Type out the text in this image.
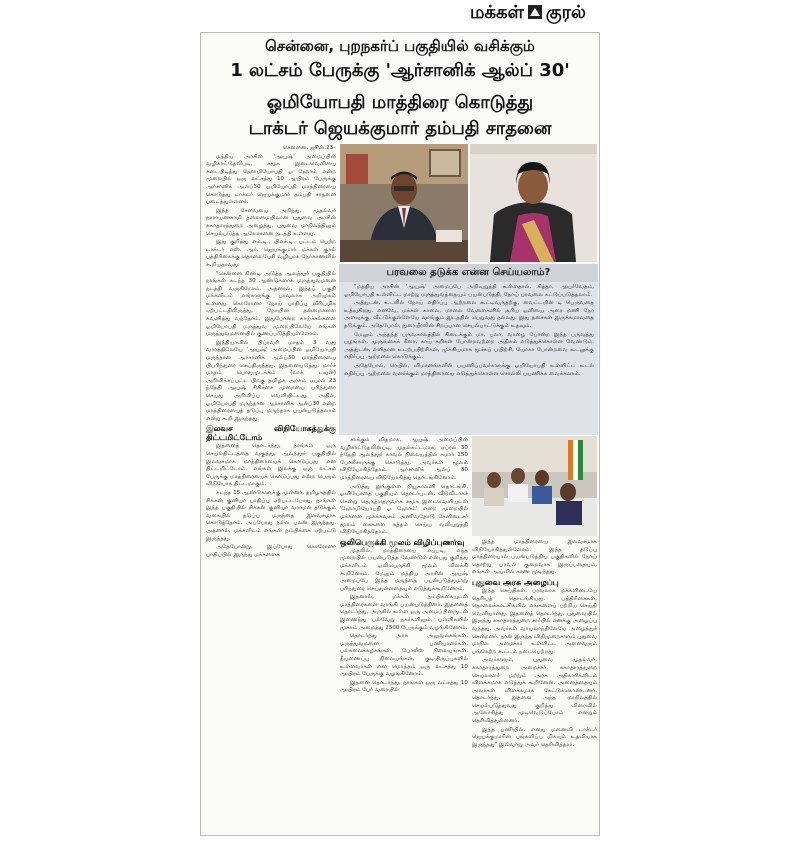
மக்கள் குரல்
சென்னை, புறநகர்ப் பகுதியில் வசிக்கும்
1 லட்சம் பேருக்கு 'ஆர்சானிக் ஆல்ப் 30'
ஓமியோபதி மாத்திரை கொடுத்து
டாக்டர் ஜெயக்குமார் தம்பதி சாதனை
பரவலை தடுக்க என்ன செய்யலாம்?

"மத்திய அரசின் 'ஆயுஷ்' அமைப்பே அறிவுறுத்தி உள்ளதால், சித்தா, ஆயுர்வேதம், ஓமியோபதி உள்ளிட்ட மாற்று மருத்துவத்தையும் பயன்படுத்தி, நோய் பரவலை கட்டுப்படுத்தலாம்.

அத்துடன், உடலில் நோய் எதிர்ப்பு ஆற்றலை கூட்டிவருதற்கு, வைட்டமின் டி பெருவதை உதவுகிறது. எனவே, மக்கள் காலை, மாலை வேளைகளில் சூரிய ஒளியை அரை மணி நேர அளவுக்கு, வீட்டுக்குள்ளேயே வாங்கும் இடத்தில் பெறுவது நல்லது. இது தசைகள் இருக்கமாவதை தடுக்கும். அதேபோல், நுரையீரலின் சிறப்பான செயல்பாட்டுக்கும் உதவும்.

மேலும் அந்தந்த பருவகாலத்தில் கிடைக்கும் மா, பலா, வாழை போன்ற இந்த பருவத்து பழங்கள், முருங்கைக் கீரை, காய் கறிகள் போன்றவற்றை அதிகம் எடுத்துக்கொள்ள வேண்டும். அத்துடன், எளிதான உடற்பயிற்சிகள், முக்கியமாக மூச்சுப் பயிற்சி, யோகா போன்றவை உடலுக்கு எதிர்ப்பு ஆற்றலை கொடுக்கும்.

அதேபோல், ரெயில், விமானங்களில் பயணிப்பவர்களுக்கு ஓமியோபதி உள்ளிட்ட உடல் எதிர்ப்பு ஆற்றலை வளர்க்கும் மாத்திரையை எடுத்துக்கொள்ள சொல்லி பயணிக்க வைக்கலாம்.

சென்னை, ஜூன்.23–

மத்திய அரசின் 'ஆயுஷ்' அமைப்பின் வழிகாட்டுதலிபடி, சமூக இடைவெளியை கடைபிடித்து ஹோமியோபதி ஓ ஹோம் என்ற முறையில் ஒரு லட்சத்து 10 ஆயிரம் பேருக்கு ஆர்சானிக் ஆல்ப்30 ஓமியோபதி மாத்திரையை கொடுத்து டாக்டர் ஜெயக்குமார் தம்பதி சாதனை படைத்துள்ளனர்.

இந்த சேவையை அறிந்து, முதல்வர் நாராயணசாமி தலைமையிலான புதுவை அரசின் சுகாதாரத்துறை அழைத்து, புதுவை மாநிலத்திலும் செயல்படுத்த ஆலோசனை நடத்தி உள்ளது.

இது குறித்து எம்.டி., பிஎச்.டி. பட்டம் பெற்ற டாக்டர் எஸ். ஆர். ஜெயக்குமார் மக்கள் குரல் பத்திரிகைக்கு தொலைபேசி வழியாக நேர்காணலில் கூறியதாவது:

"சென்னை கிண்டி அடுத்த ஆலந்தூர் பகுதியில் நாங்கள் கடந்த 30 ஆண்டுகளாக மருத்துவமனை நடத்தி வருகிறோம். அதனால், இந்தப் பகுதி மக்களிடம் எங்களுக்கு பரவலாக அறிமுகம் உள்ளது. கொரோனா நோய் பாதிப்பு வீரியமிக ஏற்பட்டதிலிருந்து, நோயின் தன்மைகளை கவனித்து வந்தோம். இதுபோன்ற காய்ச்சல்களை ஓமியோபதி மருத்துவ முறையிலேயே எங்கள் மருத்துவமனையில் குணப்படுத்தியுள்ளோம்.

இந்தியாவில் பிப்ரவரி மாதம் 3 வது வாரத்திலேயே 'ஆயுஷ்' அமைப்பின் ஓமியோபதி மருந்தான ஆர்சானிக் ஆல்ப்30 மாத்திரையை பிபரிந்துரை செய்திருந்தது. இதனையடுத்து, மார்ச் மாதம் பொதுமுடக்கம் (லாக் டவுன்) அறிவிக்கப்பட்ட பிறகு தமிழக அரசும் ஏப்ரல் 23 ந்தேதி ஆயுஷ் சிகிச்சை முறையை பரிந்துரை செய்து அறிவிப்பு வெளியிட்டது. அதில், ஓமியோபதி மருந்தான ஆர்சானிக் ஆல்ப்30 என்ற மாத்திரையைத் தடுப்பு மருந்தாக பயன்படுத்தலாம் என்று கூறி இருந்தது.

இலவச விநியோகத்துக்கு திட்டமிட்டோம்

இதனைத் தொடர்ந்து, நாங்கள் ஒரு செயல்திட்டத்தை வகுத்து, ஆலந்தூர் பகுதியில் இலவசமாக மாத்திரையைக் கொடுப்பது என திட்டமிட்டோம். எங்கள் இலக்கு ஒரு லட்சம் பேருக்கு மாத்திரையைக் கொடுப்பது என்ற பெரும் விநியோக திட்டமாகும்.

கடந்த 15 ஆண்டுகளுக்கு முன்னர், தமிழகத்தில் சிக்கன் குனியா பாதிப்பு ஏற்பட்டபோது, நாங்கள் இந்த பகுதியில் சிக்கன் குனியா வராமல் தடுக்கும் வகையில் தடுப்பு மருந்தை இலவசமாக கொடுத்தோம். அப்போது நல்ல பலன் இருந்தது. அதனால், மக்களிடம் எங்கள் நம்பிக்கை ஏற்பட்டு இருந்தது.

அதேபோன்று, இப்போது கொரோனா பாதிப்பில் இருந்து மக்களைக்

காக்கும் விதமாக, ஆயுஷ் அமைப்பின் வழிகாட்டுதலின்படி, முதல்கட்டமாக, ஏப்ரல் 30 ந்தேதி ஆலந்தூர் காவல் நிலையத்தில் சுமார் 150 போலீசாருக்கு கொடுத்து, அவர்கள் மூலம் விநியோகித்தோம். ஆர்சானிக் ஆல்ப் 30 மாத்திரையை விநியோகித்து தொடங்கினோம்.

அடுத்து இங்குள்ள நியூகாலனி தொடங்கி, ஓவியோதை பகுதியும் தொடர்புடன், வீடுவீடாகச் சென்று தெருத்தெருவாக சமூக இடைவெளியுடன் 'ஹோமியோபதி ஓ ஹோம்' என்ற முறையில் மக்களை முகக்கவசம் அணிவதோடு சேனிடைசர் மூலம் கைகளை சுத்தம் செய்ய வலியுறுத்தி விநியோகித்தோம்.

ஒலிபெருக்கி மூலம் விழிப்புணர்வு

முதலில், மாத்திரையை எப்படி, எந்த முறையில் பயன்படுத்த வேண்டும் என்பது குறித்து மக்களிடம் ஒலிபெருக்கி மூலம் விளக்கி கூறினோம். மேலும் மத்திய அரசின் ஆயுஷ் அமைப்பே இந்த மருந்தை பயன்படுத்துமாறு பரிந்துரை செய்துள்ளதையும் எடுத்துக்கூறினோம்.

இதனால், மக்கள் நம்பிக்கையுடன் மாத்திரைகளை வாங்கி பயன்படுத்தினர். இதனைத் தொடர்ந்து, அருகில் உள்ள ஒரு அமைப்பினருடன் இணைந்து பல்வேறு நகர்களிலும், பள்ளிகளில் முகாம் அமைத்து 2500 பேருக்கும் வழங்கினோம்.

தொடர்ந்து அரசு அலுவலகங்கள், மருத்துவமனை பணியாளர்கள், பல்கலைக்கழகங்கள், போலீஸ் நிலையங்கள், தீயணைப்பு நிலையங்கள், குடியிருப்புகளில் உள்ளவர்கள் என மொத்தம் ஒரு லட்சத்து 10 ஆயிரம் பேருக்கு வழங்கினோம்.

இதனை தொடர்ந்து, நாங்கள் ஒரு லட்சத்து 10 ஆயிரம் பேர் வரையில்

இந்த மாத்திரையை இலவசமாக விநியோகித்துள்ளோம். இந்த தடுப்பு மாத்திரையால் பயன்படுத்திய பகுதிகளில் நோய் தொற்று பரவல் குறைவாக இருப்பதையும், எங்கள் ஆய்வில் காண முடிந்தது.

புதுவை அரசு அழைப்பு

இந்த செய்திகள், பரவலாக மக்களிடையே தெரியத் தொடங்கியது. பத்திரிகைகள், தொலைக்காட்சிகளில் எங்களைப் பற்றிய செய்தி வெளியானது. இதனைத் தொடர்ந்து, புதுவையில் இருந்து சுகாதாரத்துறை சார்பில் எனக்கு அழைப்பு வந்தது. அவர்கள் வாயலாந்திலேயே அழைத்துச் சென்றனர். நான் இருந்த விதிமுறைகளும் புதுவை மாநில அமைச்சர் உள்ளிட்ட அனைவரும் பங்கேற்ற கூட்டம் நடைபெற்றது.

அவர்களும், புதுவை முதல்வர், சுகாதாரத்துறை அமைச்சர், சுகாதாரத்துறை செயலாளர் மற்றும் அரசு அதிகாரிகளிடம் விளக்கமாக எடுத்துக் கூறினேன். அனைத்தையும் அவர்கள் விளக்கமாக கேட்டுக்கொண்டனர். தொடர்ந்து, இதனை அந்த மாநிலத்தில் செயல்படுத்துவது குறித்து விரைவில் ஆலோசித்து முடிவெடுப்போம் என்றும் தெரிவித்துள்ளனர்.

இந்த பணியில், எனது மனைவி டாக்டர் ஜெயக்குமாரின் பங்களிப்பு மிகவும் உதவியாக இருந்தது" இவ்வாறு அவர் தெரிவித்தார்.
